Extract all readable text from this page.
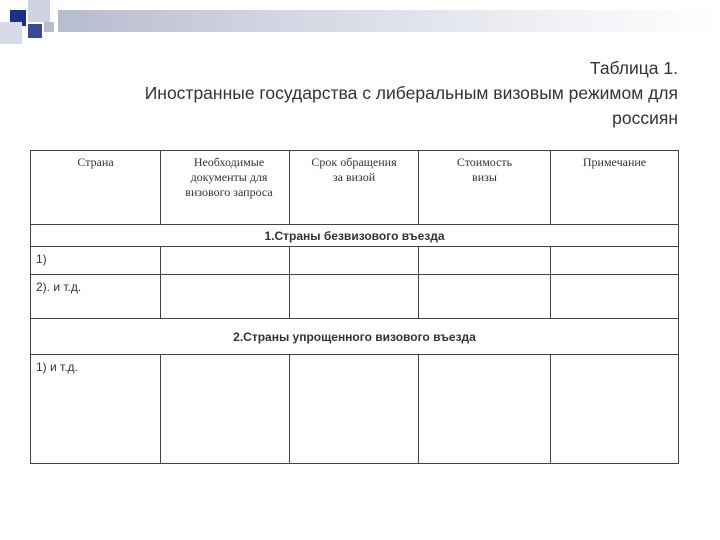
Таблица 1.
Иностранные государства с либеральным визовым режимом для
россиян
Страна	Необходимые документы для визового запроса	Срок обращения за визой	Стоимость визы	Примечание

1.Страны безвизового въезда				

1)				

2). и т.д.				

2.Страны упрощенного визового въезда				

1) и т.д.				
